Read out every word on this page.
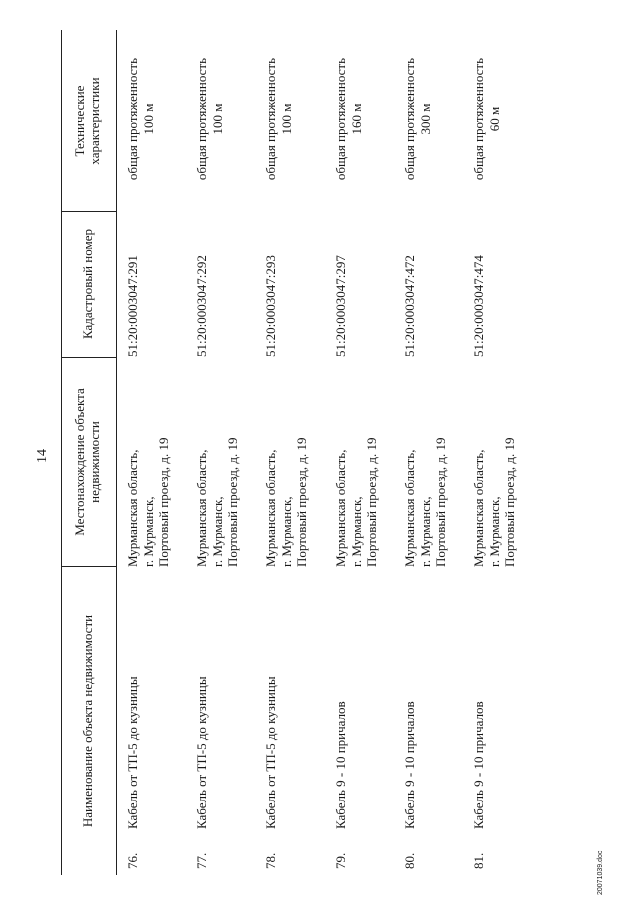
14
Наименование объекта недвижимости
Местонахождение объекта недвижимости
Кадастровый номер
Технические характеристики
76.
Кабель от ТП-5 до кузницы
Мурманская область, г. Мурманск, Портовый проезд, д. 19
51:20:0003047:291
общая протяженность 100 м
77.
Кабель от ТП-5 до кузницы
Мурманская область, г. Мурманск, Портовый проезд, д. 19
51:20:0003047:292
общая протяженность 100 м
78.
Кабель от ТП-5 до кузницы
Мурманская область, г. Мурманск, Портовый проезд, д. 19
51:20:0003047:293
общая протяженность 100 м
79.
Кабель 9 - 10 причалов
Мурманская область, г. Мурманск, Портовый проезд, д. 19
51:20:0003047:297
общая протяженность 160 м
80.
Кабель 9 - 10 причалов
Мурманская область, г. Мурманск, Портовый проезд, д. 19
51:20:0003047:472
общая протяженность 300 м
81.
Кабель 9 - 10 причалов
Мурманская область, г. Мурманск, Портовый проезд, д. 19
51:20:0003047:474
общая протяженность 60 м
20071039.doc
